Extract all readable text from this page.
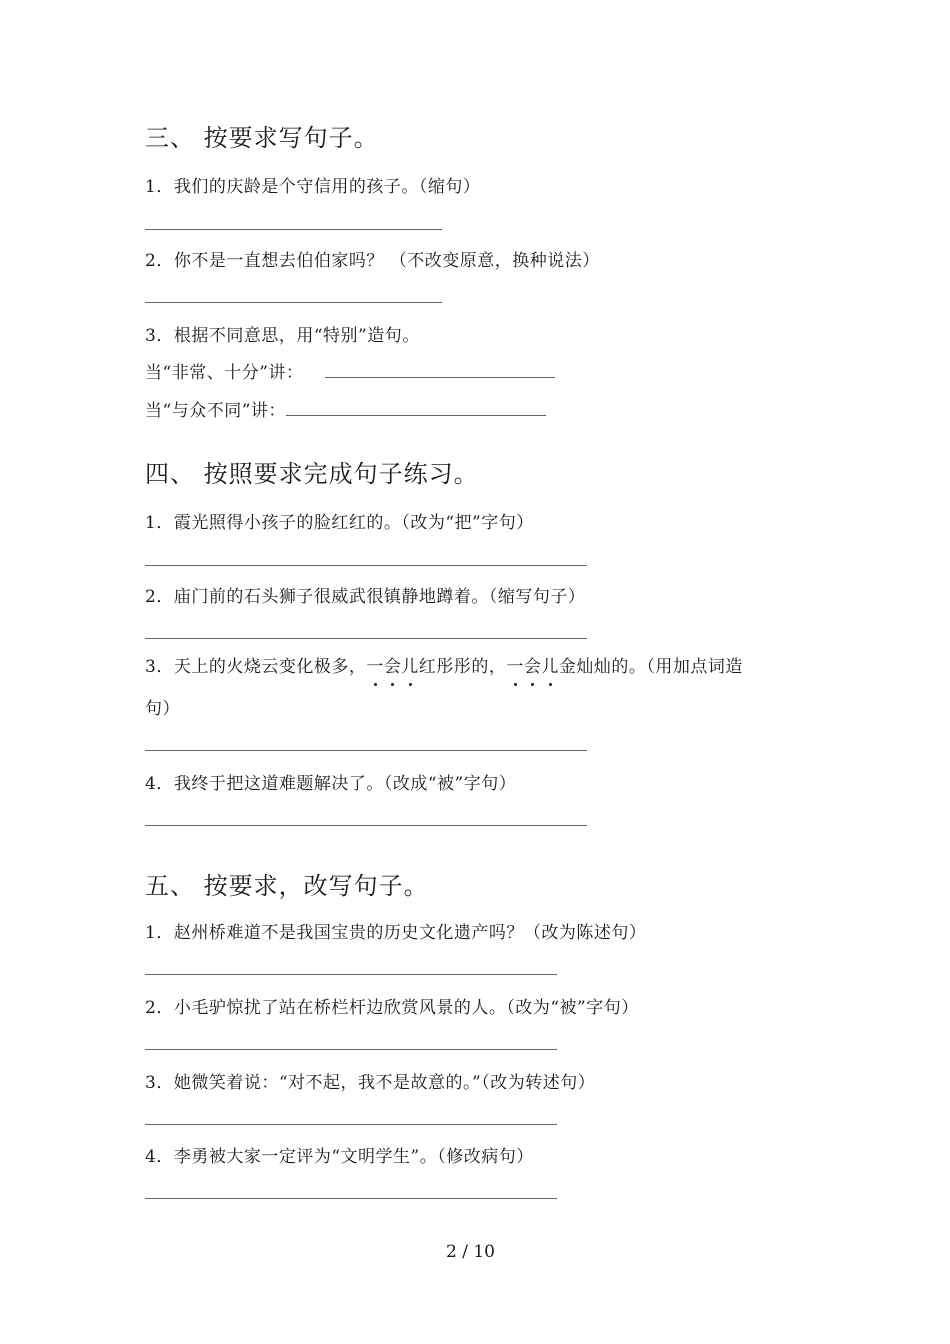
三、 按要求写句子。
1．我们的庆龄是个守信用的孩子。（缩句）
2．你不是一直想去伯伯家吗？ （不改变原意，换种说法）
3．根据不同意思，用“特别”造句。
当“非常、十分”讲：
当“与众不同”讲：
四、 按照要求完成句子练习。
1．霞光照得小孩子的脸红红的。（改为“把”字句）
2．庙门前的石头狮子很威武很镇静地蹲着。（缩写句子）
3．天上的火烧云变化极多，一会儿红彤彤的，一会儿金灿灿的。（用加点词造
句）
4．我终于把这道难题解决了。（改成“被”字句）
五、 按要求，改写句子。
1．赵州桥难道不是我国宝贵的历史文化遗产吗？（改为陈述句）
2．小毛驴惊扰了站在桥栏杆边欣赏风景的人。（改为“被”字句）
3．她微笑着说：“对不起，我不是故意的。”（改为转述句）
4．李勇被大家一定评为“文明学生”。（修改病句）
2 / 10
